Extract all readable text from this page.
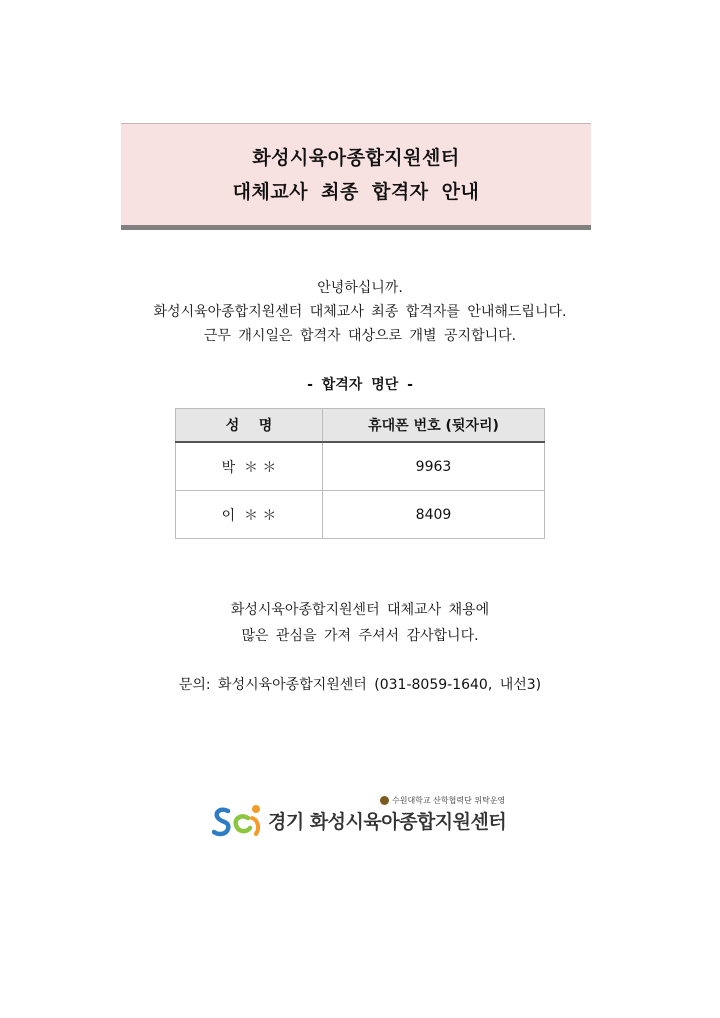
화성시육아종합지원센터
대체교사 최종 합격자 안내

안녕하십니까.

화성시육아종합지원센터 대체교사 최종 합격자를 안내해드립니다.

근무 개시일은 합격자 대상으로 개별 공지합니다.

- 합격자 명단 -
성    명	휴대폰 번호 (뒷자리)
박  ＊ ＊	9963
이  ＊ ＊	8409

화성시육아종합지원센터 대체교사 채용에

많은 관심을 가져 주셔서 감사합니다.

문의: 화성시육아종합지원센터 (031-8059-1640, 내선3)
수원대학교 산학협력단 위탁운영
경기 화성시육아종합지원센터
